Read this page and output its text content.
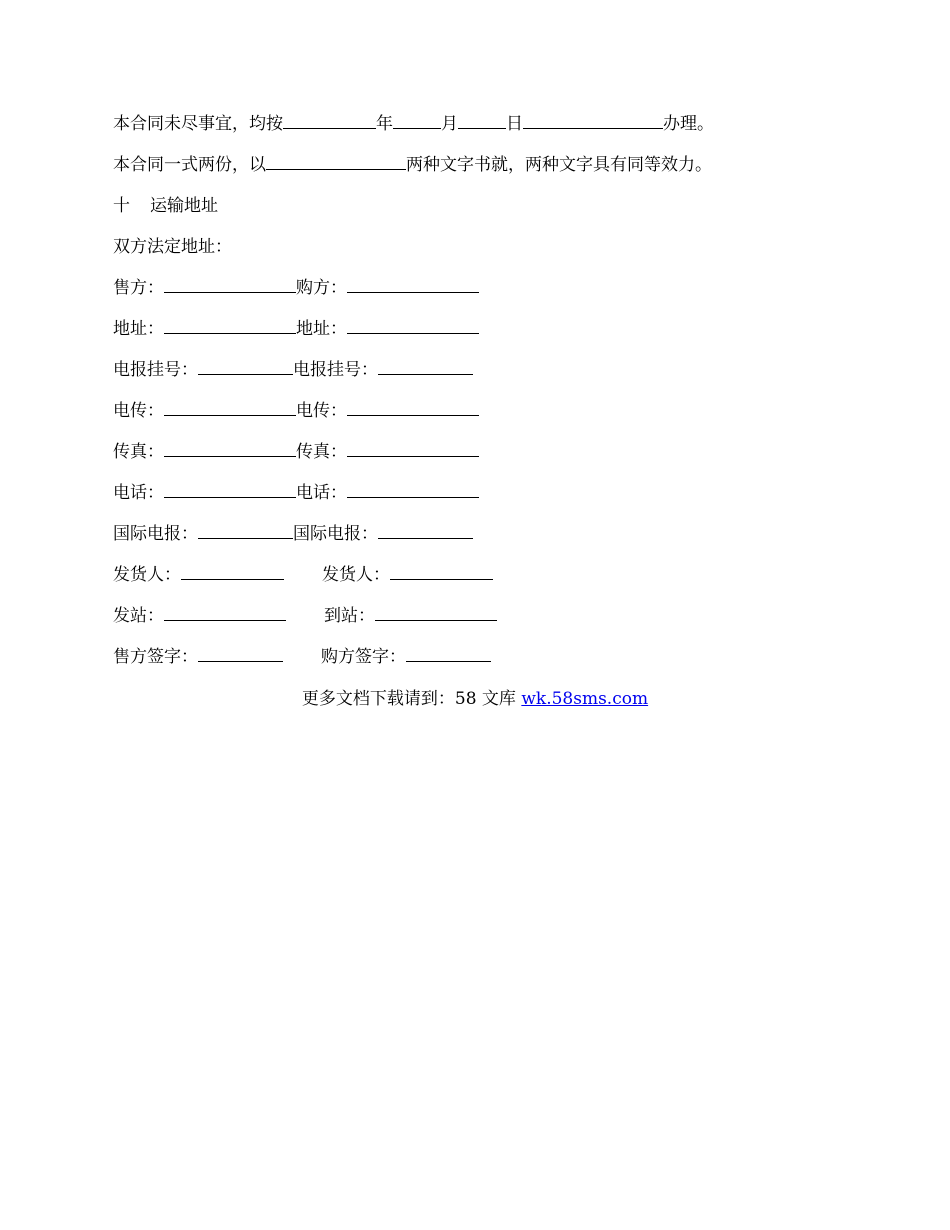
本合同未尽事宜，均按	年	月	日	办理。
本合同一式两份，以	两种文字书就，两种文字具有同等效力。
十 运输地址
双方法定地址：
售方：	购方：
地址：	地址：
电报挂号：	电报挂号：
电传：	电传：
传真：	传真：
电话：	电话：
国际电报：	国际电报：
发货人：	发货人：
发站：	到站：
售方签字：	购方签字：
更多文档下载请到：58 文库 wk.58sms.com
